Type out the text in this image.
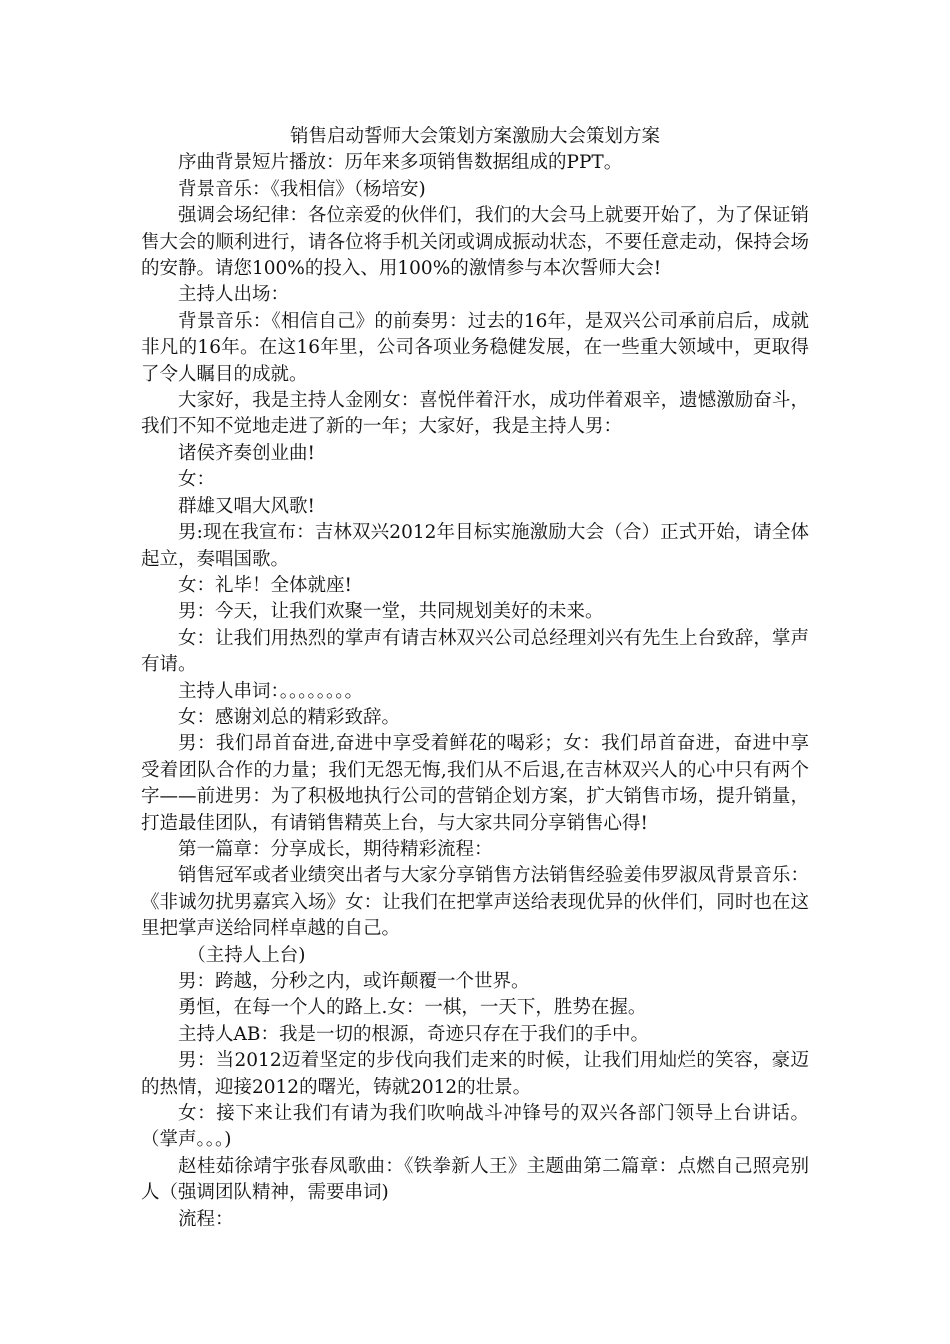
销售启动誓师大会策划方案激励大会策划方案

序曲背景短片播放：历年来多项销售数据组成的PPT。

背景音乐：《我相信》（杨培安)

强调会场纪律：各位亲爱的伙伴们，我们的大会马上就要开始了，为了保证销售大会的顺利进行，请各位将手机关闭或调成振动状态，不要任意走动，保持会场的安静。请您100%的投入、用100%的激情参与本次誓师大会!

主持人出场：

背景音乐：《相信自己》的前奏男：过去的16年，是双兴公司承前启后，成就非凡的16年。在这16年里，公司各项业务稳健发展，在一些重大领域中，更取得了令人瞩目的成就。

大家好，我是主持人金刚女：喜悦伴着汗水，成功伴着艰辛，遗憾激励奋斗，我们不知不觉地走进了新的一年；大家好，我是主持人男：

诸侯齐奏创业曲!

女：

群雄又唱大风歌!

男:现在我宣布：吉林双兴2012年目标实施激励大会（合）正式开始，请全体起立，奏唱国歌。

女：礼毕！全体就座!

男：今天，让我们欢聚一堂，共同规划美好的未来。

女：让我们用热烈的掌声有请吉林双兴公司总经理刘兴有先生上台致辞，掌声有请。

主持人串词：。。。。。。。。

女：感谢刘总的精彩致辞。

男：我们昂首奋进,奋进中享受着鲜花的喝彩；女：我们昂首奋进，奋进中享受着团队合作的力量；我们无怨无悔,我们从不后退,在吉林双兴人的心中只有两个字——前进男：为了积极地执行公司的营销企划方案，扩大销售市场，提升销量，打造最佳团队，有请销售精英上台，与大家共同分享销售心得!

第一篇章：分享成长，期待精彩流程：

销售冠军或者业绩突出者与大家分享销售方法销售经验姜伟罗淑凤背景音乐：《非诚勿扰男嘉宾入场》女：让我们在把掌声送给表现优异的伙伴们，同时也在这里把掌声送给同样卓越的自己。

（主持人上台)

男：跨越，分秒之内，或许颠覆一个世界。

勇恒，在每一个人的路上.女：一棋，一天下，胜势在握。

主持人AB：我是一切的根源，奇迹只存在于我们的手中。

男：当2012迈着坚定的步伐向我们走来的时候，让我们用灿烂的笑容，豪迈的热情，迎接2012的曙光，铸就2012的壮景。

女：接下来让我们有请为我们吹响战斗冲锋号的双兴各部门领导上台讲话。（掌声。。。)

赵桂茹徐靖宇张春凤歌曲：《铁拳新人王》主题曲第二篇章：点燃自己照亮别人（强调团队精神，需要串词)

流程：
